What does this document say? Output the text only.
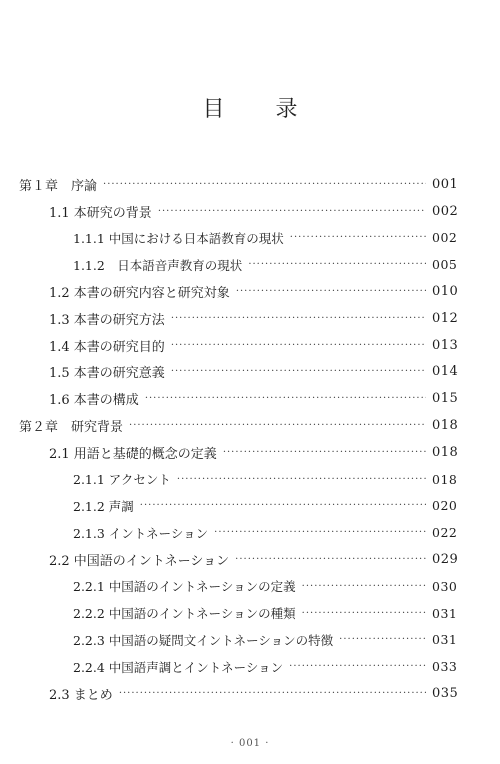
目 录
第１章　序論 ·····	001
1.1 本研究の背景 ·····	002
1.1.1 中国における日本語教育の現状 ·····	002
1.1.2　日本語音声教育の現状 ·····	005
1.2 本書の研究内容と研究対象 ·····	010
1.3 本書の研究方法 ·····	012
1.4 本書の研究目的 ·····	013
1.5 本書の研究意義 ·····	014
1.6 本書の構成 ·····	015
第２章　研究背景 ·····	018
2.1 用語と基礎的概念の定義 ·····	018
2.1.1 アクセント ·····	018
2.1.2 声調 ·····	020
2.1.3 イントネーション ·····	022
2.2 中国語のイントネーション ·····	029
2.2.1 中国語のイントネーションの定義 ·····	030
2.2.2 中国語のイントネーションの種類 ·····	031
2.2.3 中国語の疑問文イントネーションの特徴 ·····	031
2.2.4 中国語声調とイントネーション ·····	033
2.3 まとめ ·····	035
· 001 ·
